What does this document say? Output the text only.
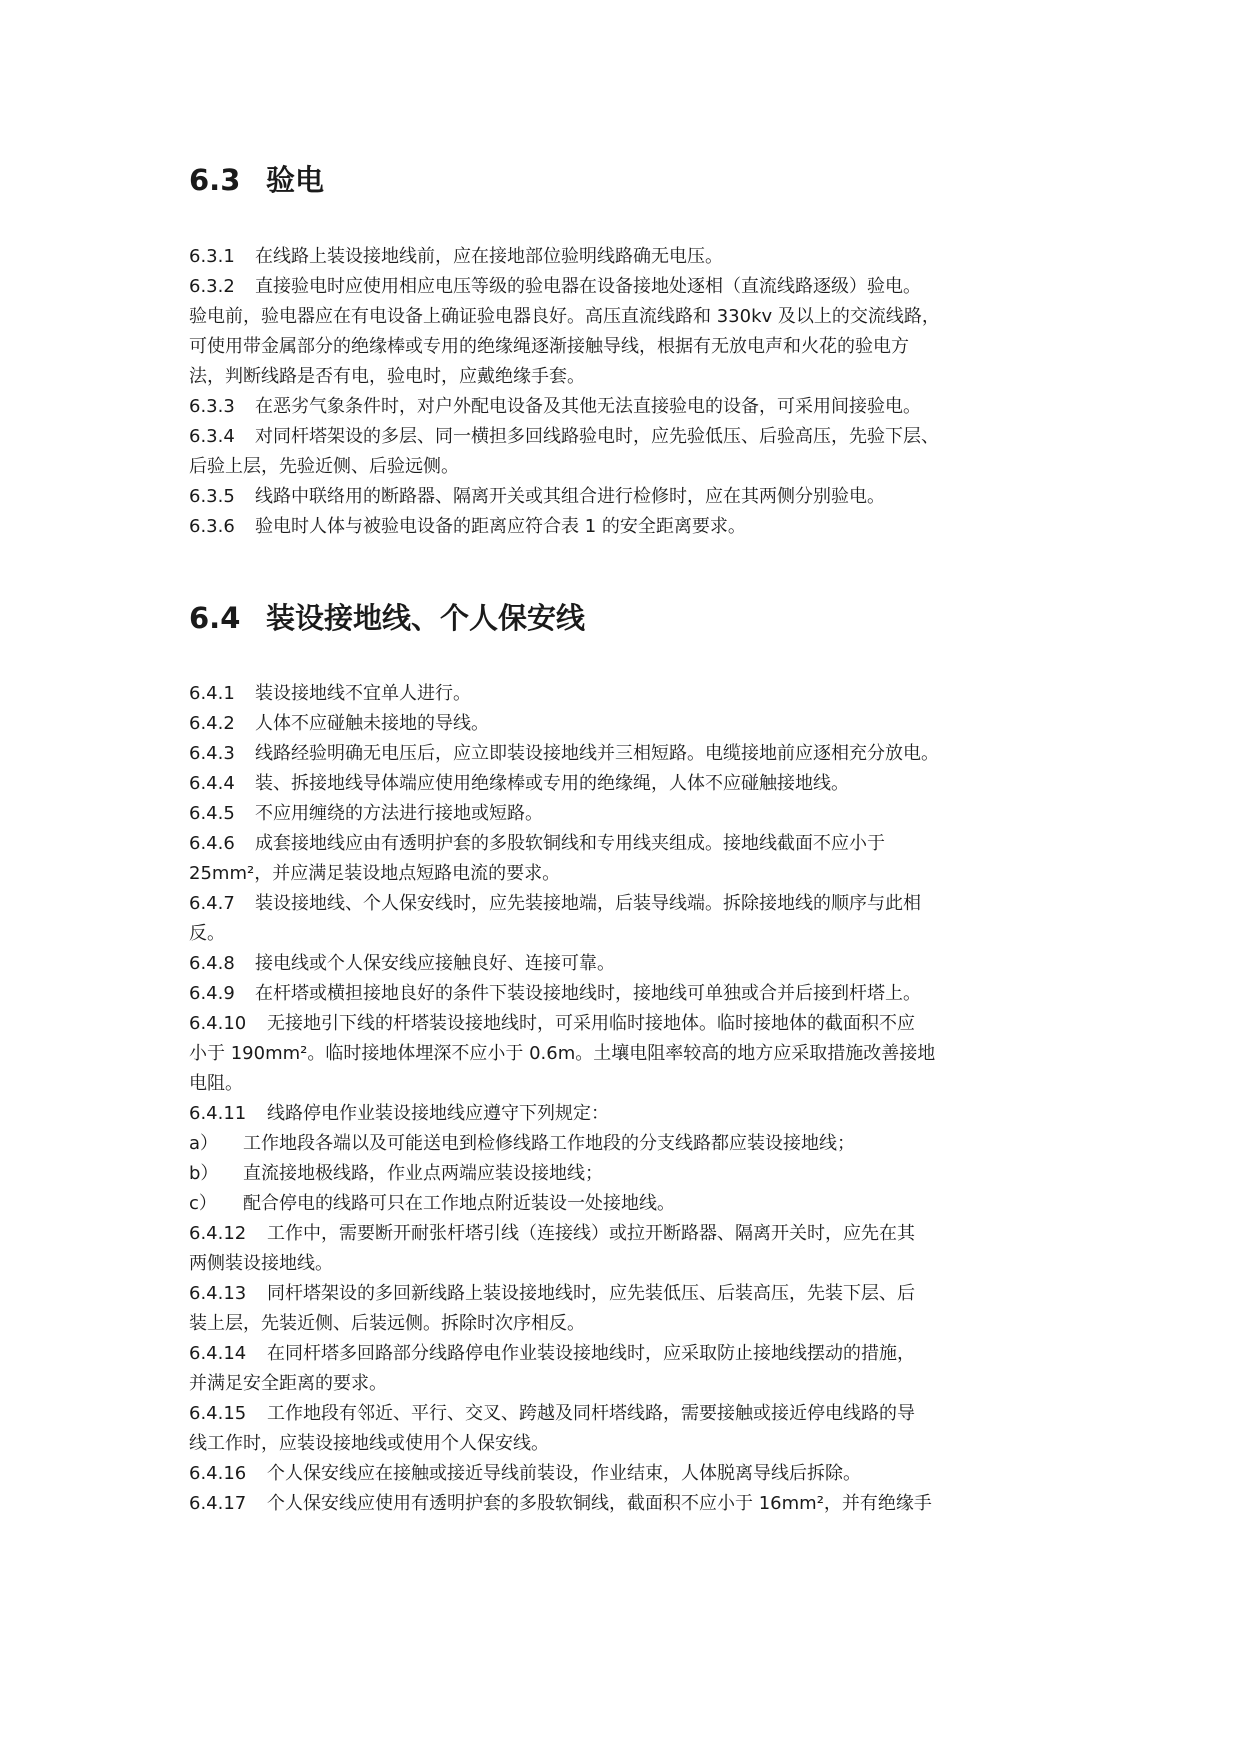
6.3 验电
6.3.1 在线路上装设接地线前，应在接地部位验明线路确无电压。
6.3.2 直接验电时应使用相应电压等级的验电器在设备接地处逐相（直流线路逐级）验电。
验电前，验电器应在有电设备上确证验电器良好。高压直流线路和 330kv 及以上的交流线路，
可使用带金属部分的绝缘棒或专用的绝缘绳逐渐接触导线，根据有无放电声和火花的验电方
法，判断线路是否有电，验电时，应戴绝缘手套。
6.3.3 在恶劣气象条件时，对户外配电设备及其他无法直接验电的设备，可采用间接验电。
6.3.4 对同杆塔架设的多层、同一横担多回线路验电时，应先验低压、后验高压，先验下层、
后验上层，先验近侧、后验远侧。
6.3.5 线路中联络用的断路器、隔离开关或其组合进行检修时，应在其两侧分别验电。
6.3.6 验电时人体与被验电设备的距离应符合表 1 的安全距离要求。
6.4 装设接地线、个人保安线
6.4.1 装设接地线不宜单人进行。
6.4.2 人体不应碰触未接地的导线。
6.4.3 线路经验明确无电压后，应立即装设接地线并三相短路。电缆接地前应逐相充分放电。
6.4.4 装、拆接地线导体端应使用绝缘棒或专用的绝缘绳，人体不应碰触接地线。
6.4.5 不应用缠绕的方法进行接地或短路。
6.4.6 成套接地线应由有透明护套的多股软铜线和专用线夹组成。接地线截面不应小于
25mm²，并应满足装设地点短路电流的要求。
6.4.7 装设接地线、个人保安线时，应先装接地端，后装导线端。拆除接地线的顺序与此相
反。
6.4.8 接电线或个人保安线应接触良好、连接可靠。
6.4.9 在杆塔或横担接地良好的条件下装设接地线时，接地线可单独或合并后接到杆塔上。
6.4.10 无接地引下线的杆塔装设接地线时，可采用临时接地体。临时接地体的截面积不应
小于 190mm²。临时接地体埋深不应小于 0.6m。土壤电阻率较高的地方应采取措施改善接地
电阻。
6.4.11 线路停电作业装设接地线应遵守下列规定：
a） 工作地段各端以及可能送电到检修线路工作地段的分支线路都应装设接地线；
b） 直流接地极线路，作业点两端应装设接地线；
c） 配合停电的线路可只在工作地点附近装设一处接地线。
6.4.12 工作中，需要断开耐张杆塔引线（连接线）或拉开断路器、隔离开关时，应先在其
两侧装设接地线。
6.4.13 同杆塔架设的多回新线路上装设接地线时，应先装低压、后装高压，先装下层、后
装上层，先装近侧、后装远侧。拆除时次序相反。
6.4.14 在同杆塔多回路部分线路停电作业装设接地线时，应采取防止接地线摆动的措施，
并满足安全距离的要求。
6.4.15 工作地段有邻近、平行、交叉、跨越及同杆塔线路，需要接触或接近停电线路的导
线工作时，应装设接地线或使用个人保安线。
6.4.16 个人保安线应在接触或接近导线前装设，作业结束，人体脱离导线后拆除。
6.4.17 个人保安线应使用有透明护套的多股软铜线，截面积不应小于 16mm²，并有绝缘手
